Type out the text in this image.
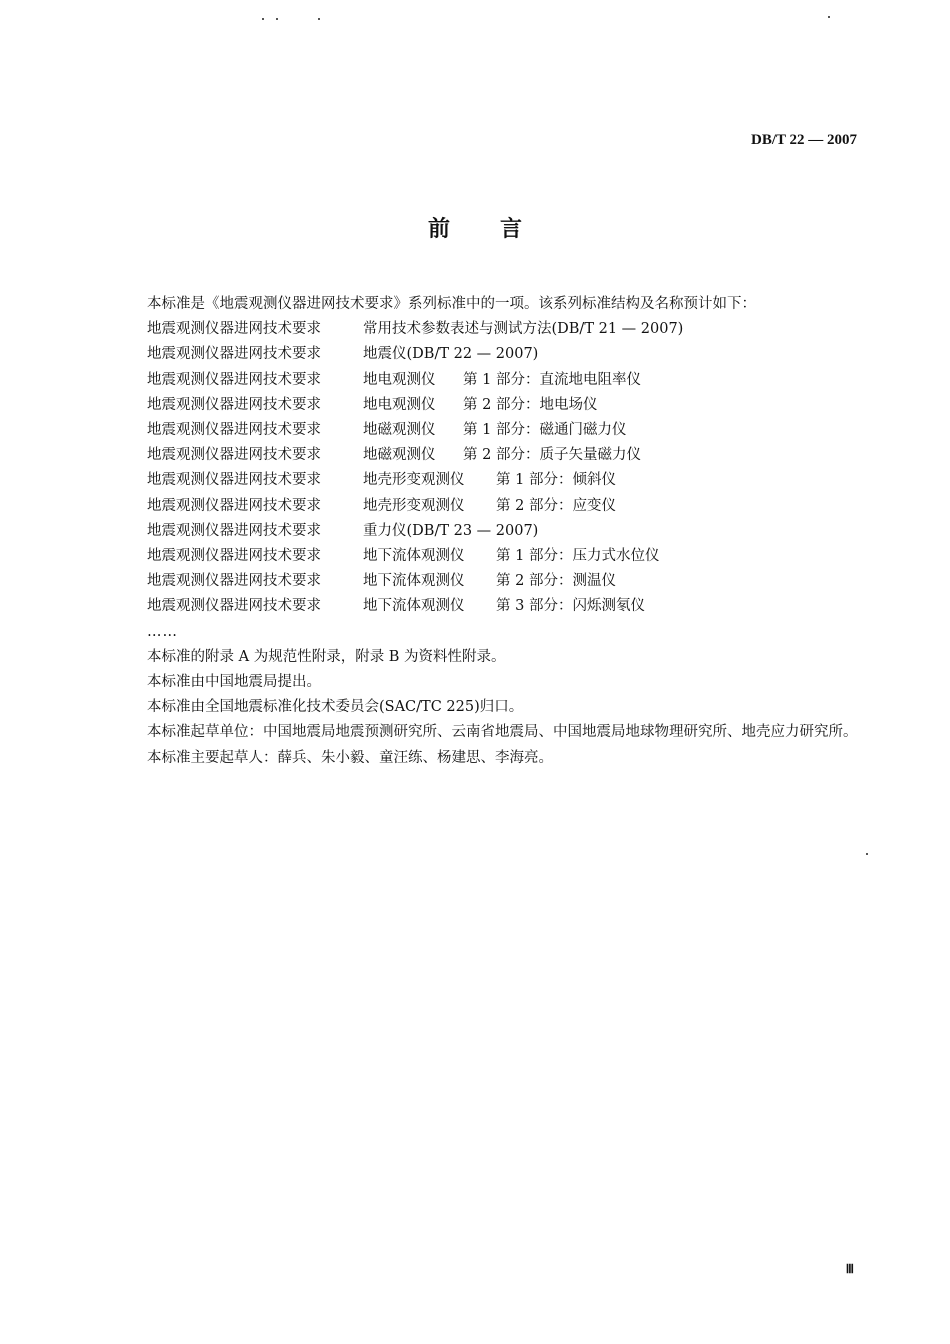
DB/T 22 — 2007
前言

本标准是《地震观测仪器进网技术要求》系列标准中的一项。该系列标准结构及名称预计如下：

地震观测仪器进网技术要求	常用技术参数表述与测试方法(DB/T 21 — 2007)

地震观测仪器进网技术要求	地震仪(DB/T 22 — 2007)

地震观测仪器进网技术要求	地电观测仪 第 1 部分：直流地电阻率仪

地震观测仪器进网技术要求	地电观测仪 第 2 部分：地电场仪

地震观测仪器进网技术要求	地磁观测仪 第 1 部分：磁通门磁力仪

地震观测仪器进网技术要求	地磁观测仪 第 2 部分：质子矢量磁力仪

地震观测仪器进网技术要求	地壳形变观测仪 第 1 部分：倾斜仪

地震观测仪器进网技术要求	地壳形变观测仪 第 2 部分：应变仪

地震观测仪器进网技术要求	重力仪(DB/T 23 — 2007)

地震观测仪器进网技术要求	地下流体观测仪 第 1 部分：压力式水位仪

地震观测仪器进网技术要求	地下流体观测仪 第 2 部分：测温仪

地震观测仪器进网技术要求	地下流体观测仪 第 3 部分：闪烁测氡仪

……

本标准的附录 A 为规范性附录，附录 B 为资料性附录。

本标准由中国地震局提出。

本标准由全国地震标准化技术委员会(SAC/TC 225)归口。

本标准起草单位：中国地震局地震预测研究所、云南省地震局、中国地震局地球物理研究所、地壳应力研究所。

本标准主要起草人：薛兵、朱小毅、童汪练、杨建思、李海亮。

Ⅲ
